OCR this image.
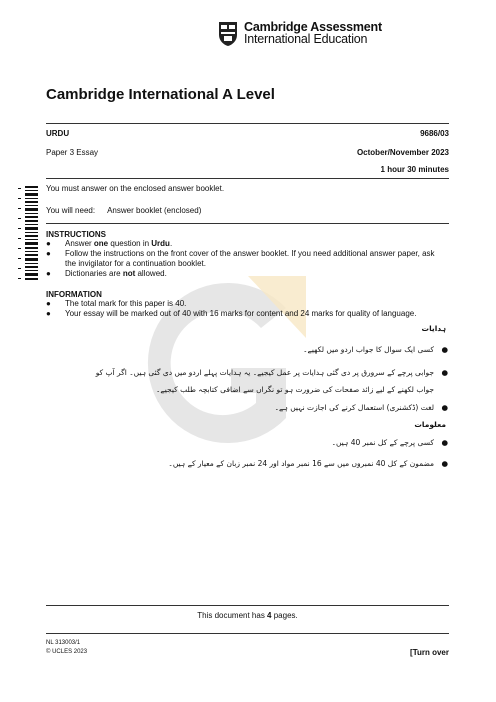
Cambridge Assessment
International Education
Cambridge International A Level
URDU	9686/03
Paper 3 Essay	October/November 2023
1 hour 30 minutes
You must answer on the enclosed answer booklet.
You will need: Answer booklet (enclosed)
INSTRUCTIONS
●	Answer one question in Urdu.
●	Follow the instructions on the front cover of the answer booklet. If you need additional answer paper, ask the invigilator for a continuation booklet.
●	Dictionaries are not allowed.
INFORMATION
●	The total mark for this paper is 40.
●	Your essay will be marked out of 40 with 16 marks for content and 24 marks for quality of language.
ہدایات
●
کسی ایک سوال کا جواب اردو میں لکھیے۔
●
جوابی پرچے کے سرورق پر دی گئی ہدایات پر عمل کیجیے۔ یہ ہدایات پہلے اردو میں دی گئی ہیں۔ اگر آپ کو جواب لکھنے کے لیے زائد صفحات کی ضرورت ہو تو نگراں سے اضافی کتابچہ طلب کیجیے۔
●
لغت (ڈکشنری) استعمال کرنے کی اجازت نہیں ہے۔
معلومات
●
کسی پرچے کے کل نمبر 40 ہیں۔
●
مضمون کے کل 40 نمبروں میں سے 16 نمبر مواد اور 24 نمبر زبان کے معیار کے ہیں۔
This document has 4 pages.
NL 313003/1
© UCLES 2023	[Turn over
